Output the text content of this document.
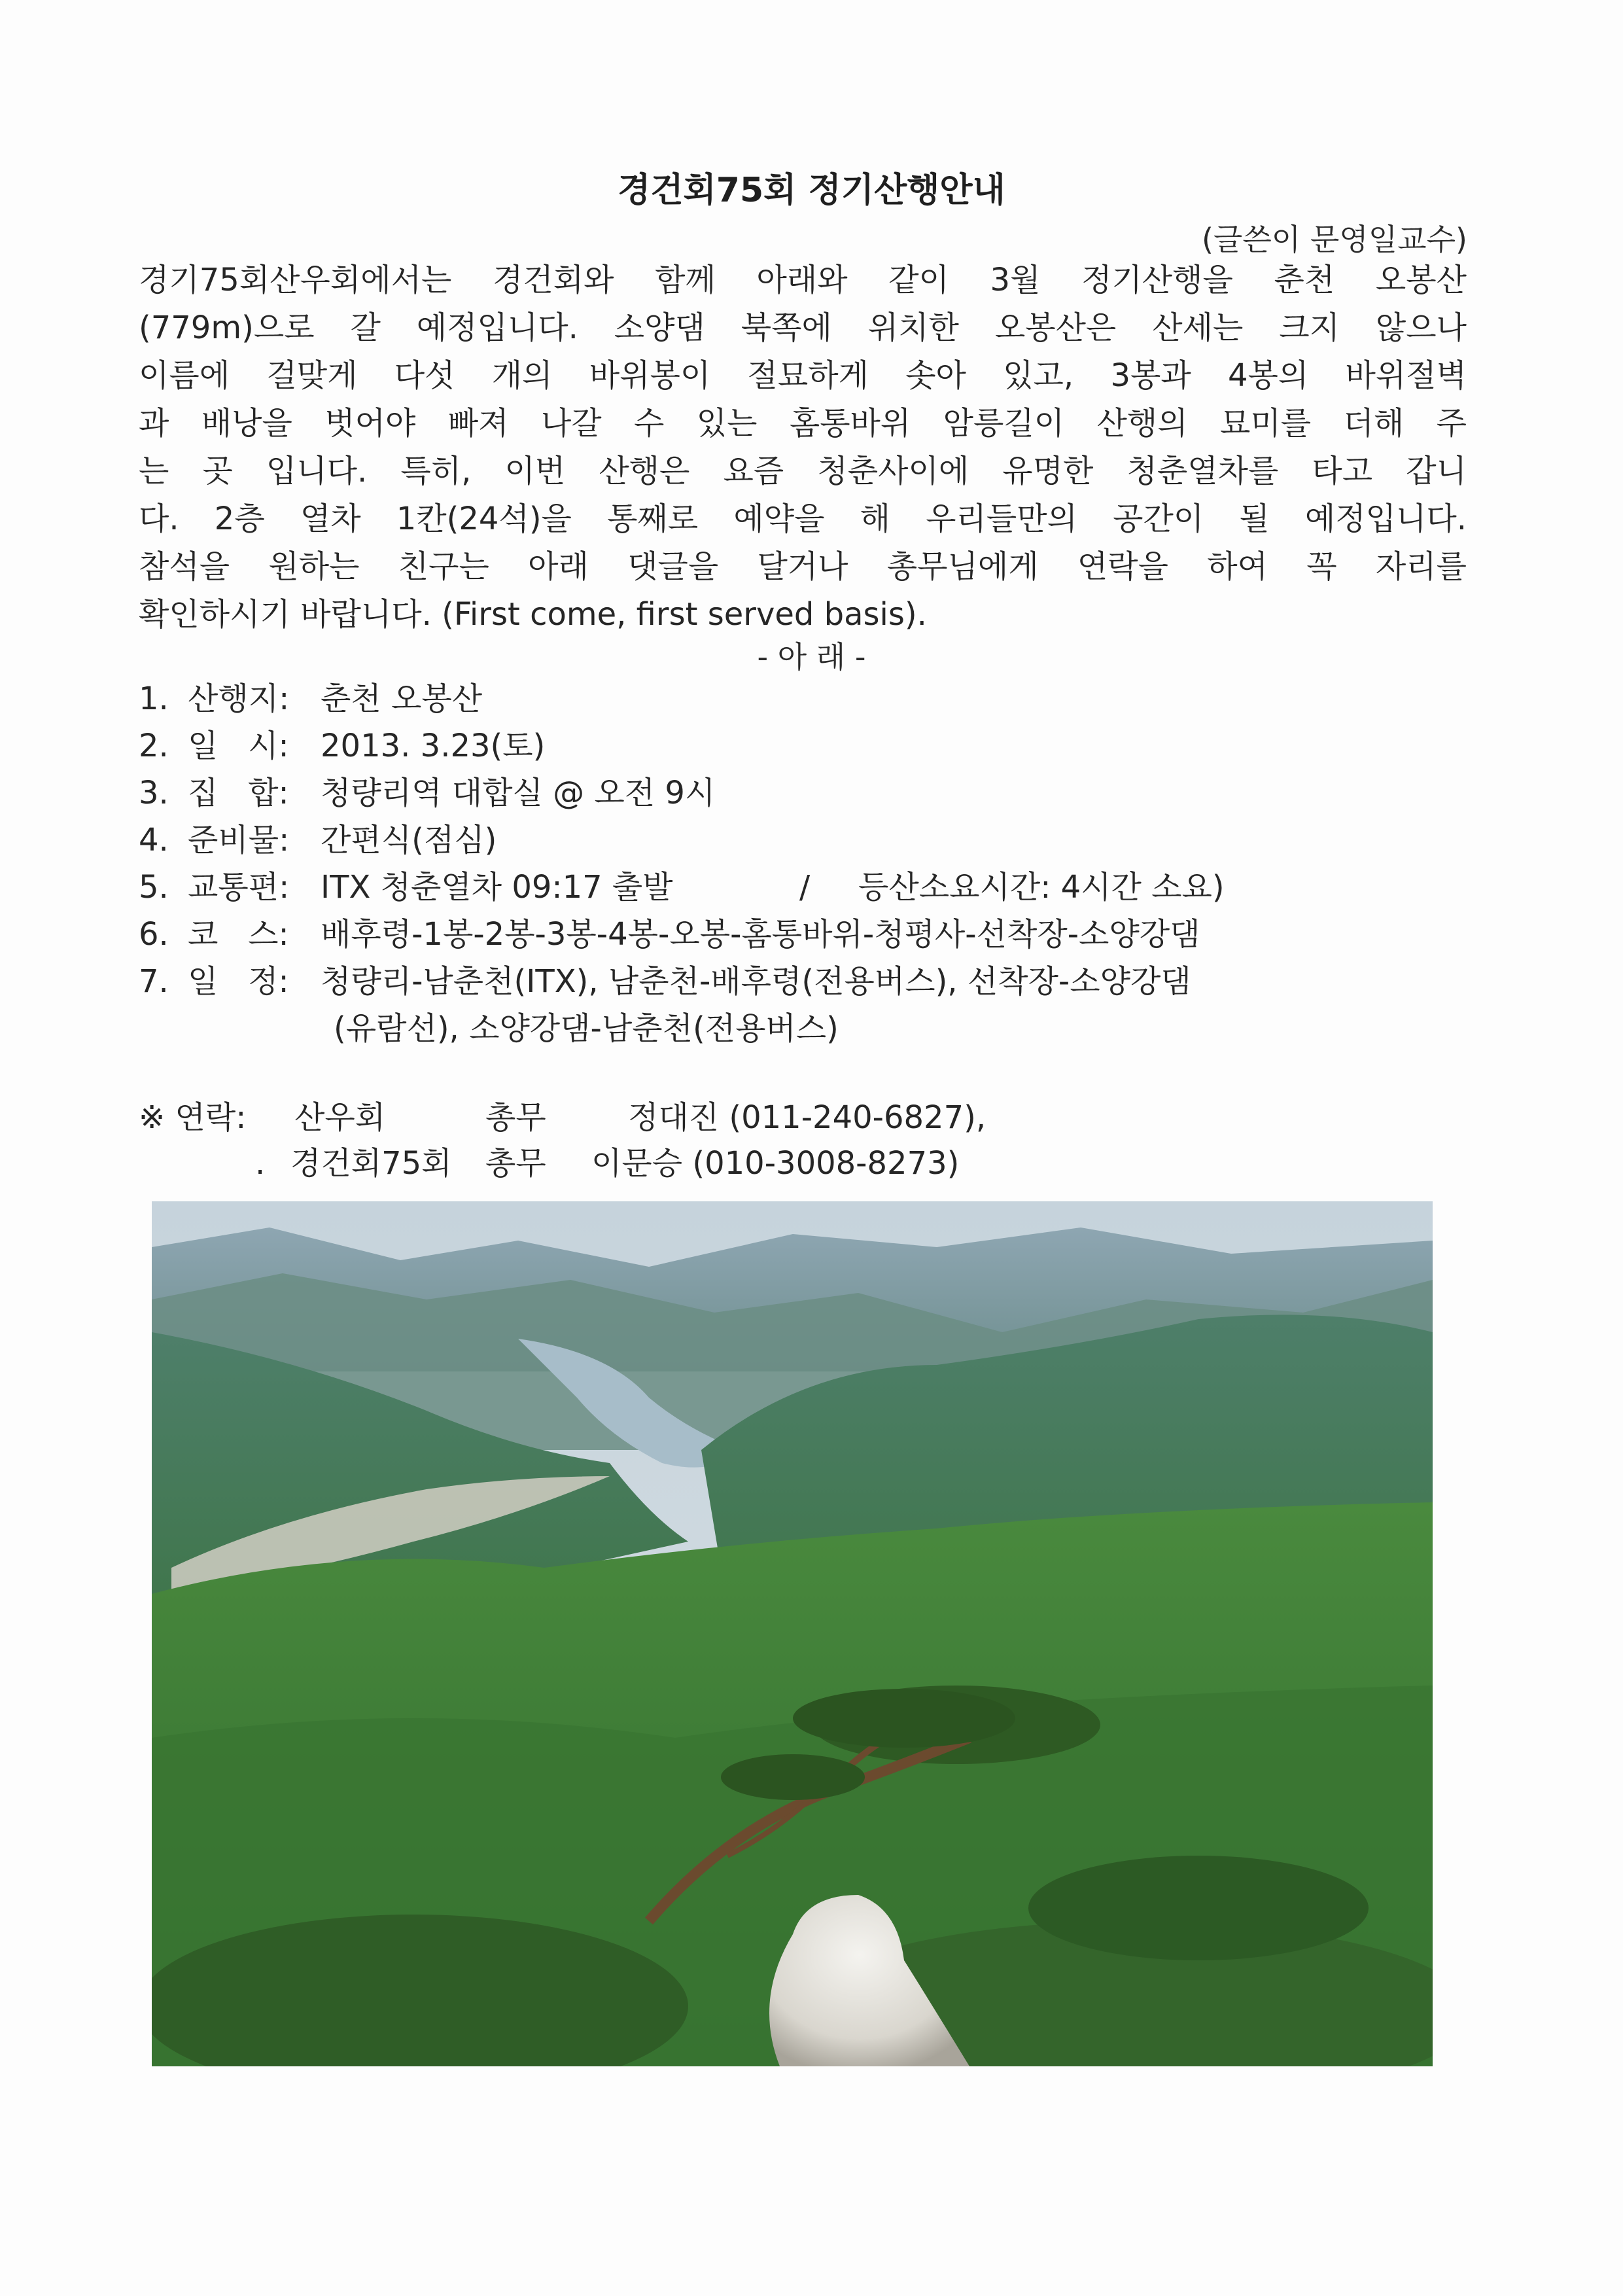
경건회75회 정기산행안내
(글쓴이 문영일교수)
경기75회산우회에서는 경건회와 함께 아래와 같이 3월 정기산행을 춘천 오봉산
(779m)으로 갈 예정입니다. 소양댐 북쪽에 위치한 오봉산은 산세는 크지 않으나
이름에 걸맞게 다섯 개의 바위봉이 절묘하게 솟아 있고, 3봉과 4봉의 바위절벽
과 배낭을 벗어야 빠져 나갈 수 있는 홈통바위 암릉길이 산행의 묘미를 더해 주
는 곳 입니다. 특히, 이번 산행은 요즘 청춘사이에 유명한 청춘열차를 타고 갑니
다. 2층 열차 1칸(24석)을 통째로 예약을 해 우리들만의 공간이 될 예정입니다.
참석을 원하는 친구는 아래 댓글을 달거나 총무님에게 연락을 하여 꼭 자리를
확인하시기 바랍니다. (First come, first served basis).
- 아 래 -
1. 산행지: 춘천 오봉산
2. 일   시: 2013. 3.23(토)
3. 집   합: 청량리역 대합실 @ 오전 9시
4. 준비물: 간편식(점심)
5. 교통편: ITX 청춘열차 09:17 출발	/ 등산소요시간: 4시간 소요)
6. 코   스: 배후령-1봉-2봉-3봉-4봉-오봉-홈통바위-청평사-선착장-소양강댐
7. 일   정: 청량리-남춘천(ITX), 남춘천-배후령(전용버스), 선착장-소양강댐
(유람선), 소양강댐-남춘천(전용버스)
※ 연락: 산우회	총무	정대진 (011-240-6827),
. 경건회75회 총무 이문승 (010-3008-8273)
